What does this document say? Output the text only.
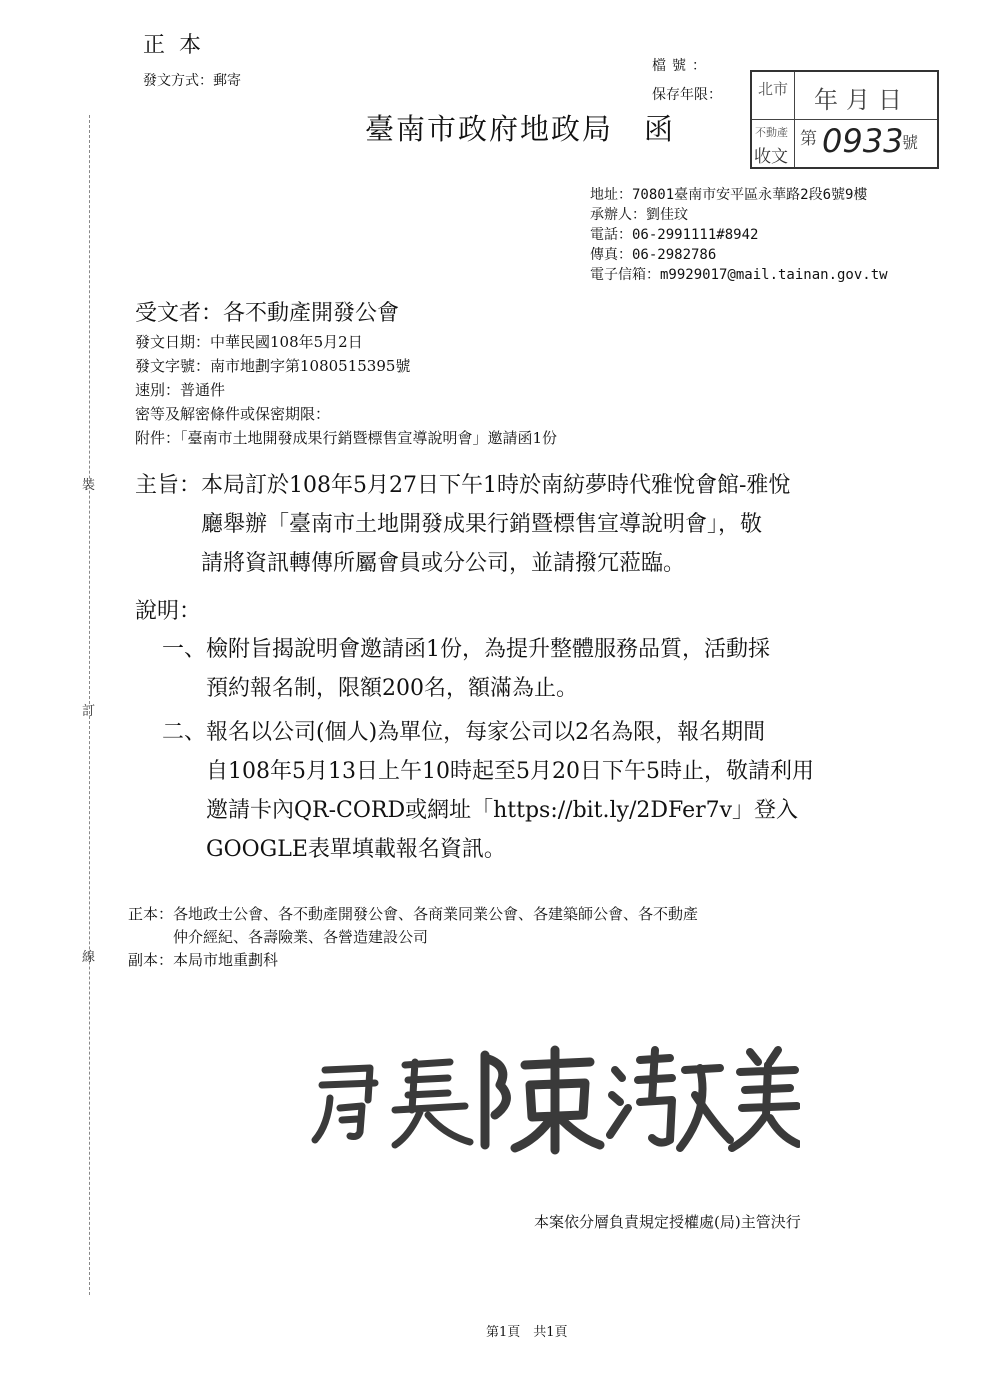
裝
訂
線
正本
發文方式：郵寄
檔號：
保存年限：
臺南市政府地政局　函
北市
不動產
收文
年月日
第 0933
號
地址：70801臺南市安平區永華路2段6號9樓
承辦人：劉佳玟
電話：06-2991111#8942
傳真：06-2982786
電子信箱：m9929017@mail.tainan.gov.tw
受文者：各不動產開發公會
發文日期：中華民國108年5月2日
發文字號：南市地劃字第1080515395號
速別：普通件
密等及解密條件或保密期限：
附件：「臺南市土地開發成果行銷暨標售宣導說明會」邀請函1份
主旨：本局訂於108年5月27日下午1時於南紡夢時代雅悅會館-雅悅
　　　廳舉辦「臺南市土地開發成果行銷暨標售宣導說明會」，敬
　　　請將資訊轉傳所屬會員或分公司，並請撥冗蒞臨。
說明：
一、檢附旨揭說明會邀請函1份，為提升整體服務品質，活動採
　　預約報名制，限額200名，額滿為止。
二、報名以公司(個人)為單位，每家公司以2名為限，報名期間
　　自108年5月13日上午10時起至5月20日下午5時止，敬請利用
　　邀請卡內QR-CORD或網址「https://bit.ly/2DFer7v」登入
　　GOOGLE表單填載報名資訊。
正本：各地政士公會、各不動產開發公會、各商業同業公會、各建築師公會、各不動產
　　　仲介經紀、各壽險業、各營造建設公司
副本：本局市地重劃科
本案依分層負責規定授權處(局)主管決行
第1頁　共1頁
